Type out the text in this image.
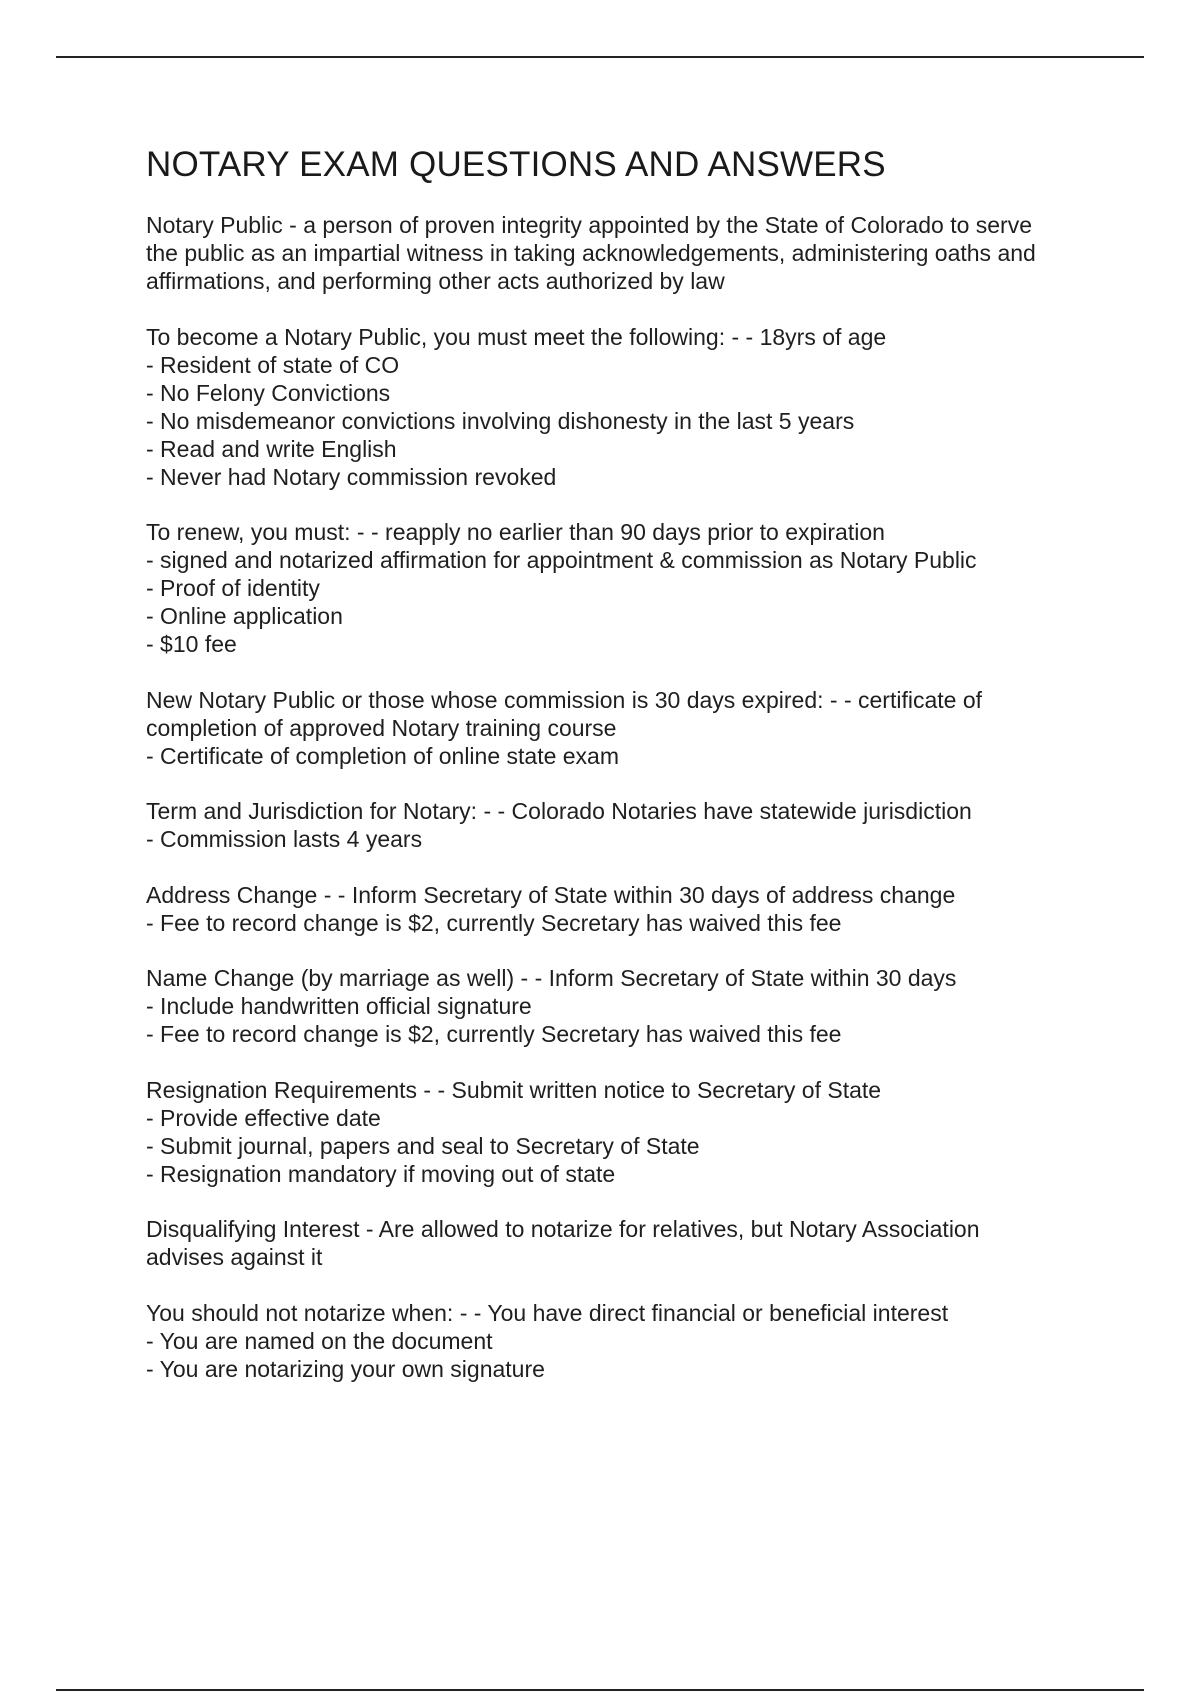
NOTARY EXAM QUESTIONS AND ANSWERS
Notary Public - a person of proven integrity appointed by the State of Colorado to serve
the public as an impartial witness in taking acknowledgements, administering oaths and
affirmations, and performing other acts authorized by law
To become a Notary Public, you must meet the following: - - 18yrs of age
- Resident of state of CO
- No Felony Convictions
- No misdemeanor convictions involving dishonesty in the last 5 years
- Read and write English
- Never had Notary commission revoked
To renew, you must: - - reapply no earlier than 90 days prior to expiration
- signed and notarized affirmation for appointment & commission as Notary Public
- Proof of identity
- Online application
- $10 fee
New Notary Public or those whose commission is 30 days expired: - - certificate of
completion of approved Notary training course
- Certificate of completion of online state exam
Term and Jurisdiction for Notary: - - Colorado Notaries have statewide jurisdiction
- Commission lasts 4 years
Address Change - - Inform Secretary of State within 30 days of address change
- Fee to record change is $2, currently Secretary has waived this fee
Name Change (by marriage as well) - - Inform Secretary of State within 30 days
- Include handwritten official signature
- Fee to record change is $2, currently Secretary has waived this fee
Resignation Requirements - - Submit written notice to Secretary of State
- Provide effective date
- Submit journal, papers and seal to Secretary of State
- Resignation mandatory if moving out of state
Disqualifying Interest - Are allowed to notarize for relatives, but Notary Association
advises against it
You should not notarize when: - - You have direct financial or beneficial interest
- You are named on the document
- You are notarizing your own signature
